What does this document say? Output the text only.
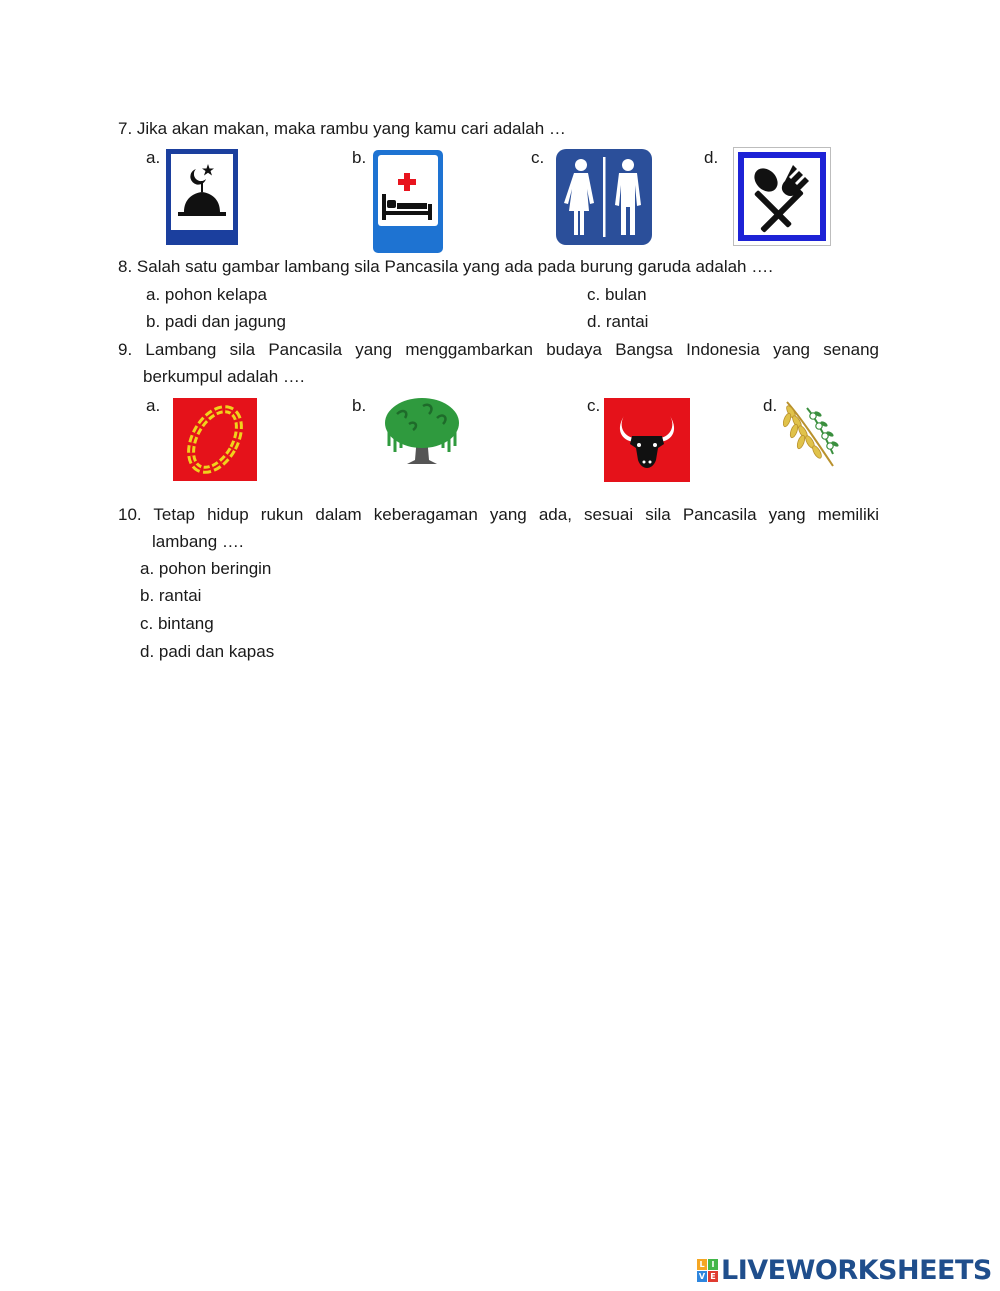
7. Jika akan makan, maka rambu yang kamu cari adalah …
a.	b.	c.	d.
8. Salah satu gambar lambang sila Pancasila yang ada pada burung garuda adalah ….
a. pohon kelapa	c. bulan
b. padi dan jagung	d. rantai
9. Lambang sila Pancasila yang menggambarkan budaya Bangsa Indonesia yang senang
berkumpul adalah ….
a.	b.	c.	d.
10. Tetap hidup rukun dalam keberagaman yang ada, sesuai sila Pancasila yang memiliki
lambang ….
a. pohon beringin
b. rantai
c. bintang
d. padi dan kapas
L I
V E LIVEWORKSHEETS
